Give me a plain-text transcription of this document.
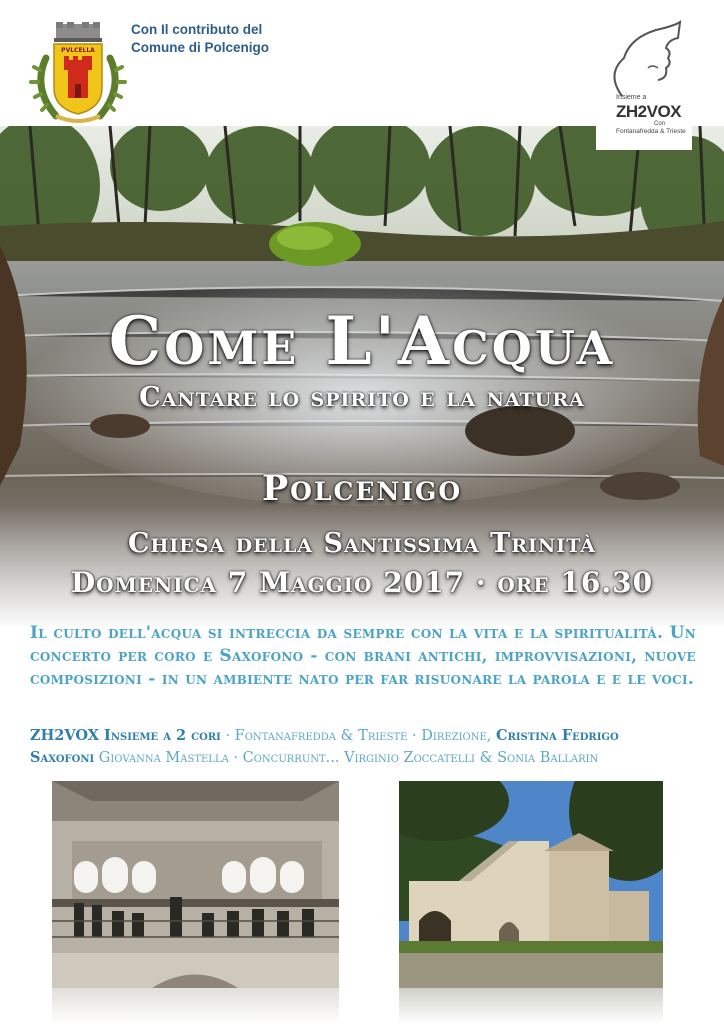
PVLCELLA
Con Il contributo del
Comune di Polcenigo
Insieme a
ZH2VOX
Con
Fontanafredda & Trieste
Come L'Acqua
Cantare lo spirito e la natura
Polcenigo
Chiesa della Santissima Trinità
Domenica 7 Maggio 2017 · ore 16.30
Il culto dell'acqua si intreccia da sempre con la vita e la spiritualità. Un concerto per coro e Saxofono - con brani antichi, improvvisazioni, nuove composizioni - in un ambiente nato per far risuonare la parola e e le voci.
ZH2VOX Insieme a 2 cori · Fontanafredda & Trieste · Direzione, Cristina Fedrigo
Saxofoni Giovanna Mastella · Concurrunt... Virginio Zoccatelli & Sonia Ballarin
